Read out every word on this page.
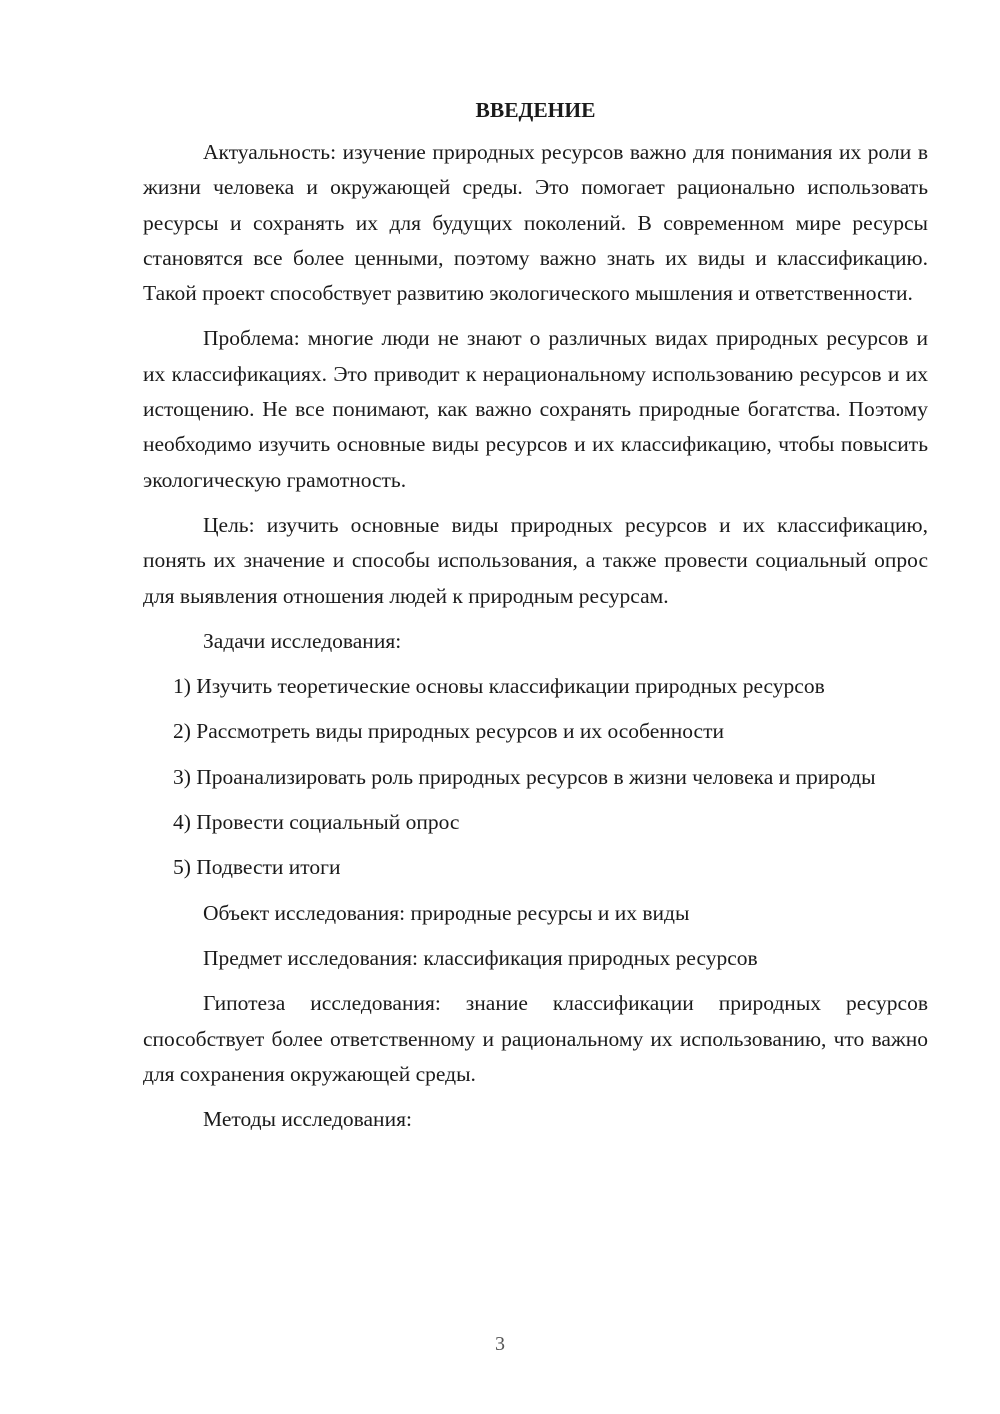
ВВЕДЕНИЕ

Актуальность: изучение природных ресурсов важно для понимания их роли в жизни человека и окружающей среды. Это помогает рационально использовать ресурсы и сохранять их для будущих поколений. В современном мире ресурсы становятся все более ценными, поэтому важно знать их виды и классификацию. Такой проект способствует развитию экологического мышления и ответственности.

Проблема: многие люди не знают о различных видах природных ресурсов и их классификациях. Это приводит к нерациональному использованию ресурсов и их истощению. Не все понимают, как важно сохранять природные богатства. Поэтому необходимо изучить основные виды ресурсов и их классификацию, чтобы повысить экологическую грамотность.

Цель: изучить основные виды природных ресурсов и их классификацию, понять их значение и способы использования, а также провести социальный опрос для выявления отношения людей к природным ресурсам.

Задачи исследования:

1) Изучить теоретические основы классификации природных ресурсов

2) Рассмотреть виды природных ресурсов и их особенности

3) Проанализировать роль природных ресурсов в жизни человека и природы

4) Провести социальный опрос

5) Подвести итоги

Объект исследования: природные ресурсы и их виды

Предмет исследования: классификация природных ресурсов

Гипотеза исследования: знание классификации природных ресурсов способствует более ответственному и рациональному их использованию, что важно для сохранения окружающей среды.

Методы исследования:

3
